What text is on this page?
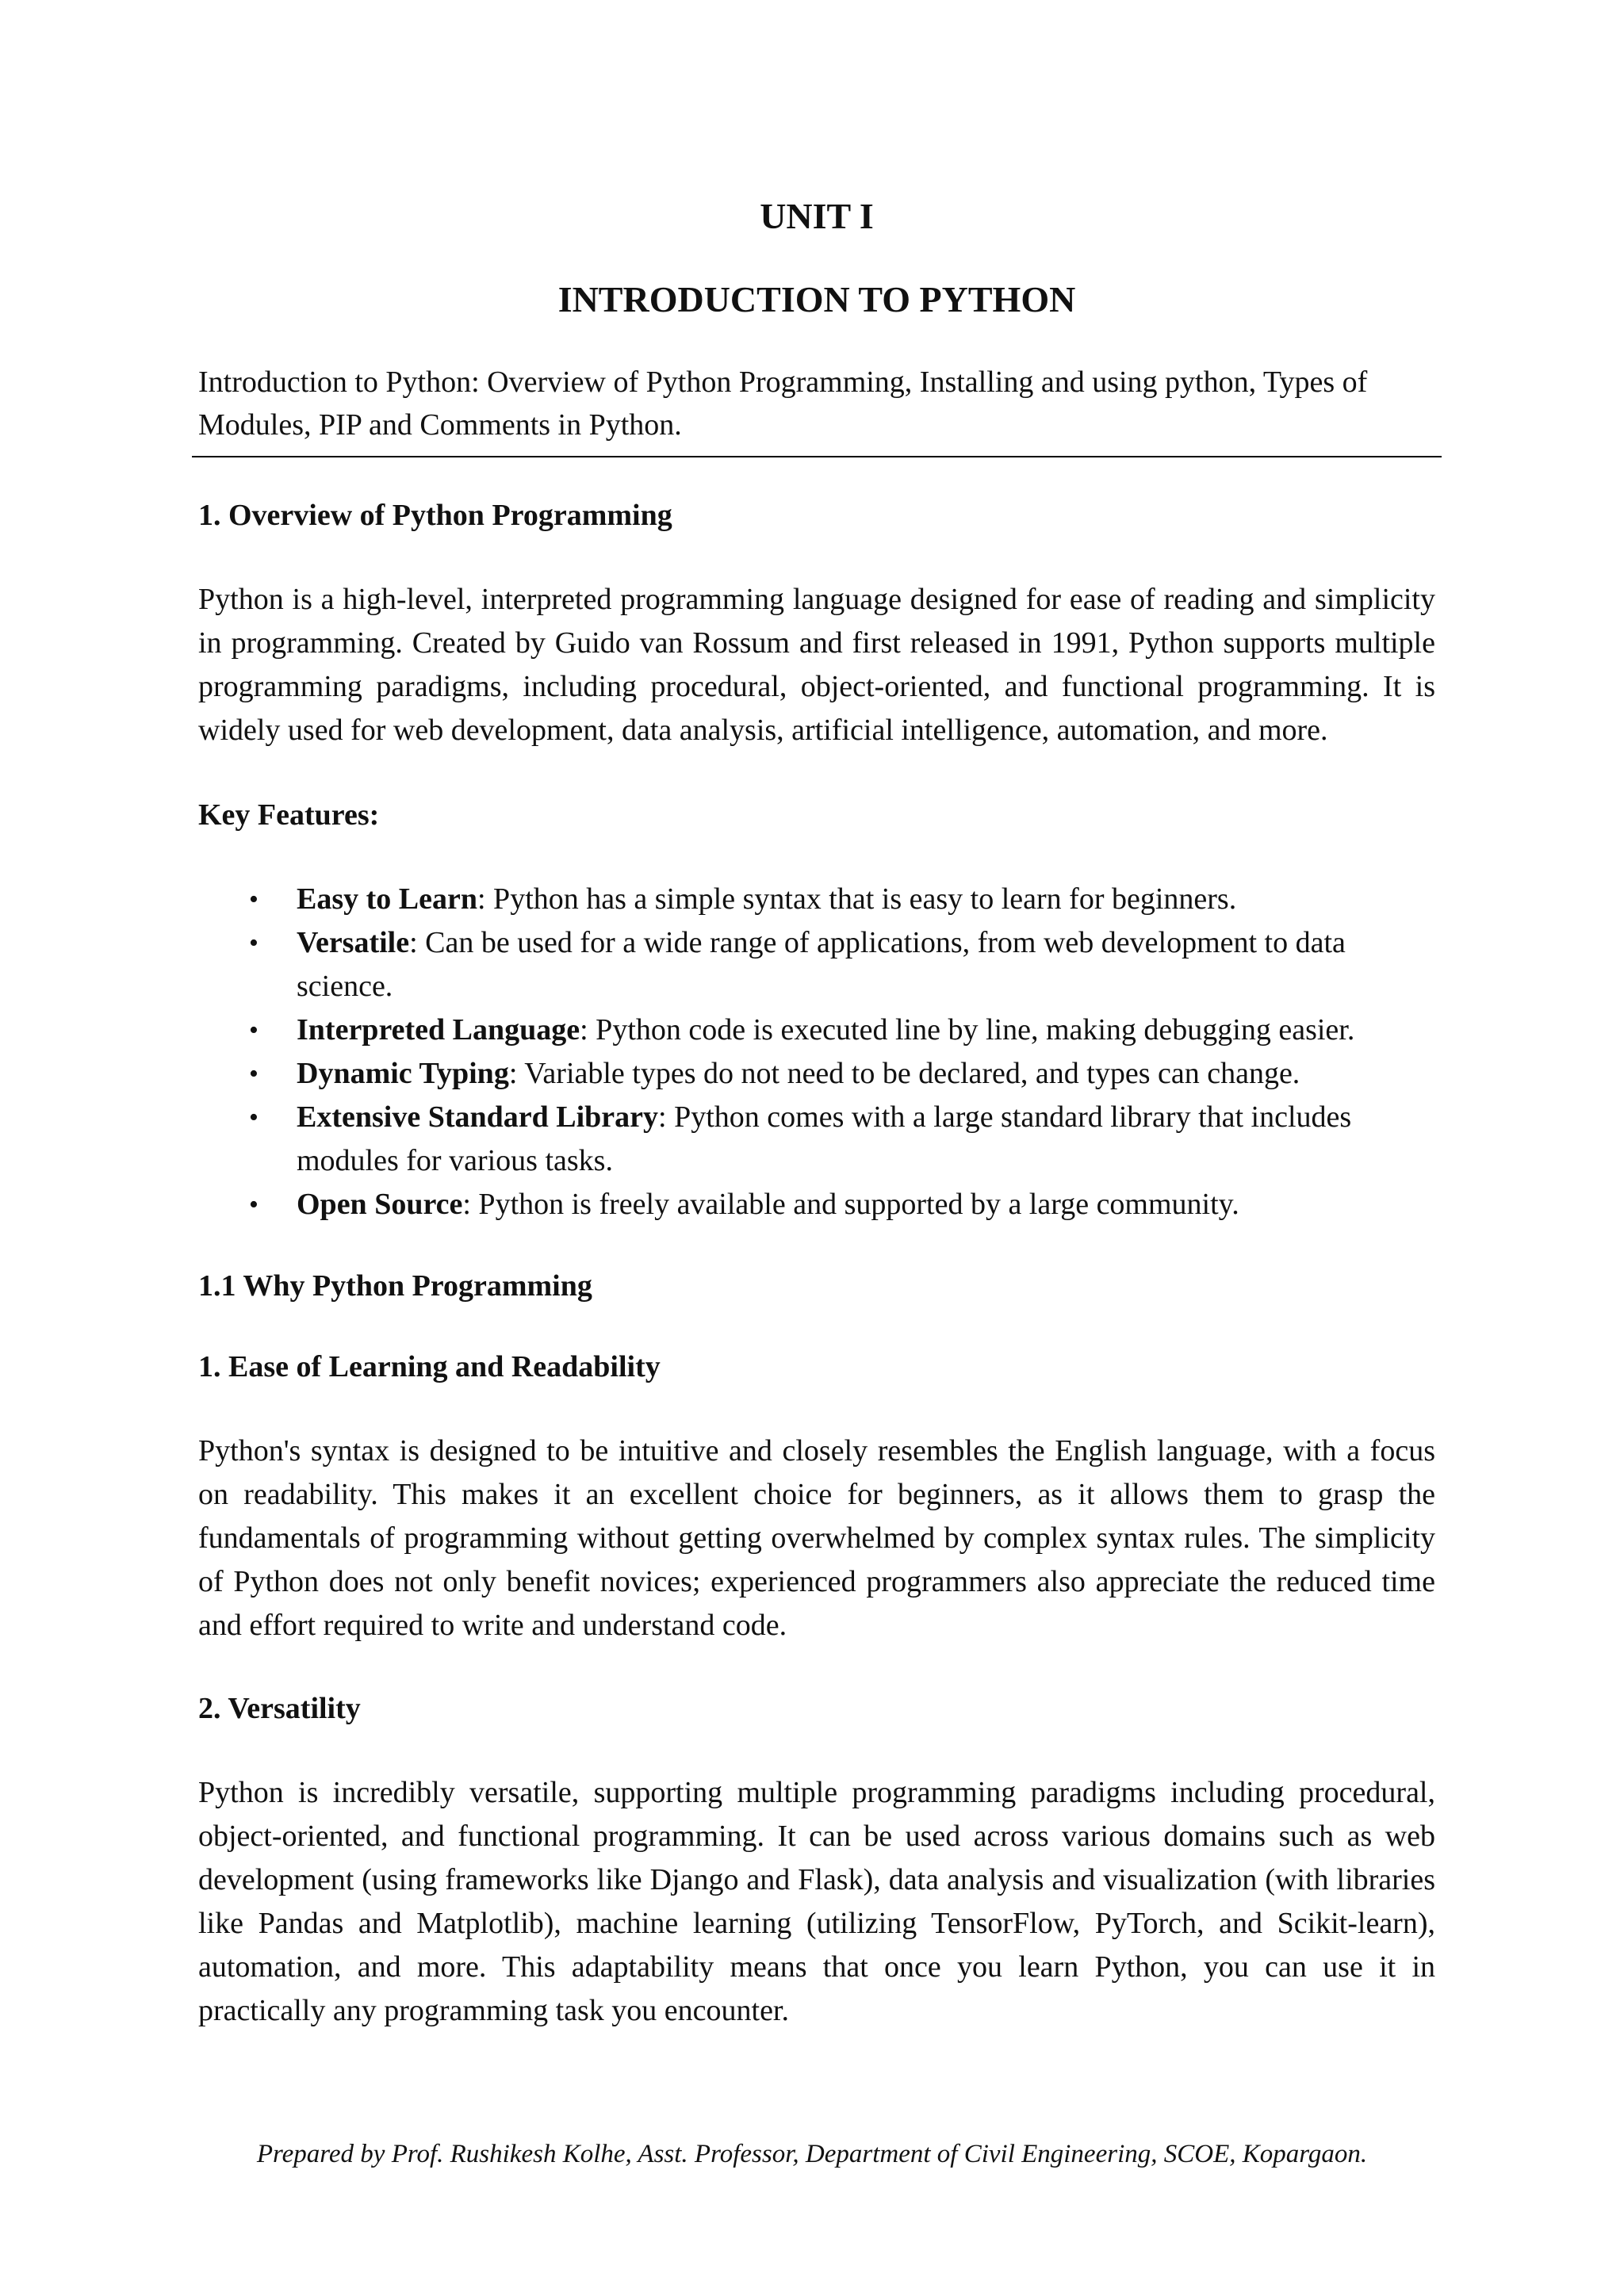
UNIT I
INTRODUCTION TO PYTHON

Introduction to Python: Overview of Python Programming, Installing and using python, Types of Modules, PIP and Comments in Python.

1. Overview of Python Programming

Python is a high-level, interpreted programming language designed for ease of reading and simplicity in programming. Created by Guido van Rossum and first released in 1991, Python supports multiple programming paradigms, including procedural, object-oriented, and functional programming. It is widely used for web development, data analysis, artificial intelligence, automation, and more.

Key Features:

• Easy to Learn: Python has a simple syntax that is easy to learn for beginners.
• Versatile: Can be used for a wide range of applications, from web development to data science.
• Interpreted Language: Python code is executed line by line, making debugging easier.
• Dynamic Typing: Variable types do not need to be declared, and types can change.
• Extensive Standard Library: Python comes with a large standard library that includes modules for various tasks.
• Open Source: Python is freely available and supported by a large community.

1.1 Why Python Programming

1. Ease of Learning and Readability

Python's syntax is designed to be intuitive and closely resembles the English language, with a focus on readability. This makes it an excellent choice for beginners, as it allows them to grasp the fundamentals of programming without getting overwhelmed by complex syntax rules. The simplicity of Python does not only benefit novices; experienced programmers also appreciate the reduced time and effort required to write and understand code.

2. Versatility

Python is incredibly versatile, supporting multiple programming paradigms including procedural, object-oriented, and functional programming. It can be used across various domains such as web development (using frameworks like Django and Flask), data analysis and visualization (with libraries like Pandas and Matplotlib), machine learning (utilizing TensorFlow, PyTorch, and Scikit-learn), automation, and more. This adaptability means that once you learn Python, you can use it in practically any programming task you encounter.

Prepared by Prof. Rushikesh Kolhe, Asst. Professor, Department of Civil Engineering, SCOE, Kopargaon.
